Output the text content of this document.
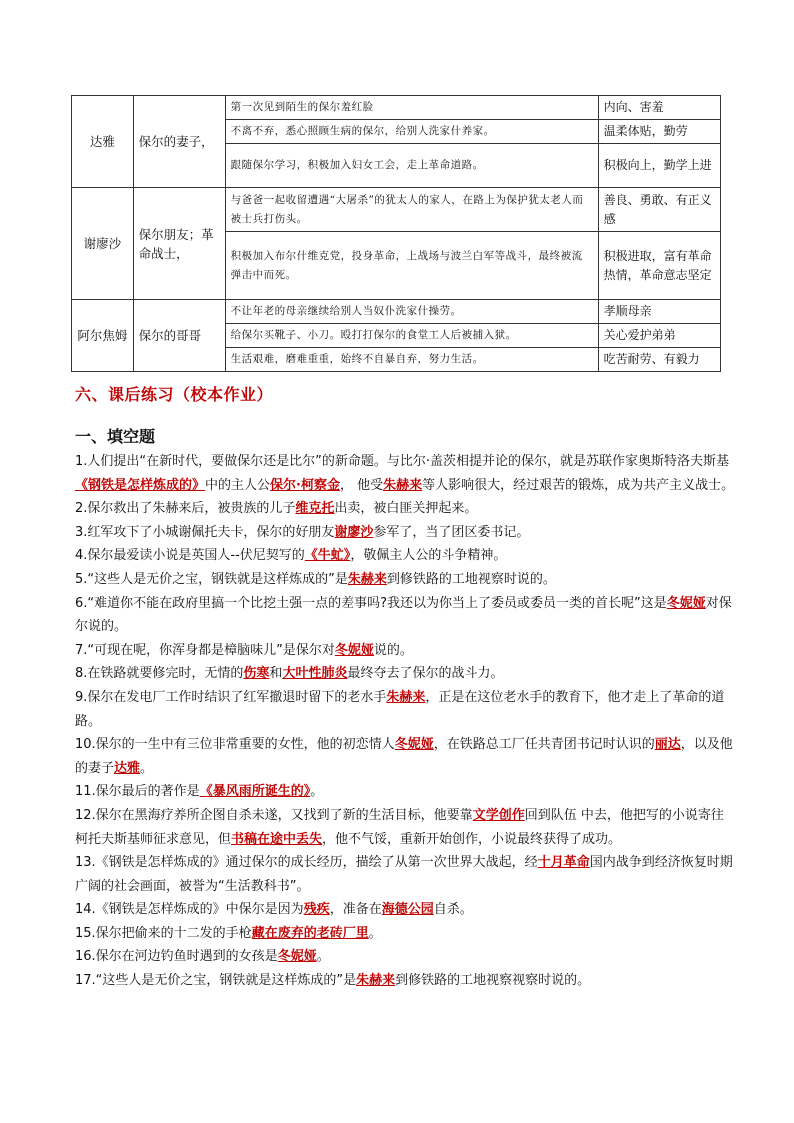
达雅	保尔的妻子，	第一次见到陌生的保尔羞红脸	内向、害羞
		不离不弃，悉心照顾生病的保尔，给别人洗家什养家。	温柔体贴，勤劳
		跟随保尔学习，积极加入妇女工会，走上革命道路。	积极向上，勤学上进
谢廖沙	保尔朋友；革命战士，	与爸爸一起收留遭遇“大屠杀”的犹太人的家人，在路上为保护犹太老人而被士兵打伤头。	善良、勇敢、有正义感
		积极加入布尔什维克党，投身革命，上战场与波兰白军等战斗，最终被流弹击中而死。	积极进取，富有革命热情，革命意志坚定
阿尔焦姆	保尔的哥哥	不让年老的母亲继续给别人当奴仆洗家什操劳。	孝顺母亲
		给保尔买靴子、小刀。殴打打保尔的食堂工人后被捕入狱。	关心爱护弟弟
		生活艰难，磨难重重，始终不自暴自弃，努力生活。	吃苦耐劳、有毅力
六、课后练习（校本作业）
一、填空题

1.人们提出“在新时代，要做保尔还是比尔”的新命题。与比尔·盖茨相提并论的保尔，就是苏联作家奥斯特洛夫斯基《钢铁是怎样炼成的》中的主人公保尔·柯察金， 他受朱赫来等人影响很大，经过艰苦的锻炼，成为共产主义战士。

2.保尔救出了朱赫来后，被贵族的儿子维克托出卖，被白匪关押起来。

3.红军攻下了小城谢佩托夫卡，保尔的好朋友谢廖沙参军了，当了团区委书记。

4.保尔最爱读小说是英国人--伏尼契写的《牛虻》，敬佩主人公的斗争精神。

5.“这些人是无价之宝，钢铁就是这样炼成的”是朱赫来到修铁路的工地视察时说的。

6.“难道你不能在政府里搞一个比挖土强一点的差事吗?我还以为你当上了委员或委员一类的首长呢”这是冬妮娅对保尔说的。

7.“可现在呢，你浑身都是樟脑味儿”是保尔对冬妮娅说的。

8.在铁路就要修完时，无情的伤寒和大叶性肺炎最终夺去了保尔的战斗力。

9.保尔在发电厂工作时结识了红军撤退时留下的老水手朱赫来，正是在这位老水手的教育下，他才走上了革命的道路。

10.保尔的一生中有三位非常重要的女性，他的初恋情人冬妮娅，在铁路总工厂任共青团书记时认识的丽达，以及他的妻子达雅。

11.保尔最后的著作是《暴风雨所诞生的》。

12.保尔在黑海疗养所企图自杀未遂，又找到了新的生活目标，他要靠文学创作回到队伍 中去，他把写的小说寄往柯托夫斯基师征求意见，但书稿在途中丢失，他不气馁，重新开始创作，小说最终获得了成功。

13.《钢铁是怎样炼成的》通过保尔的成长经历，描绘了从第一次世界大战起，经十月革命国内战争到经济恢复时期广阔的社会画面，被誉为“生活教科书”。

14.《钢铁是怎样炼成的》中保尔是因为残疾，准备在海德公园自杀。

15.保尔把偷来的十二发的手枪藏在废弃的老砖厂里。

16.保尔在河边钓鱼时遇到的女孩是冬妮娅。

17.“这些人是无价之宝，钢铁就是这样炼成的”是朱赫来到修铁路的工地视察视察时说的。
